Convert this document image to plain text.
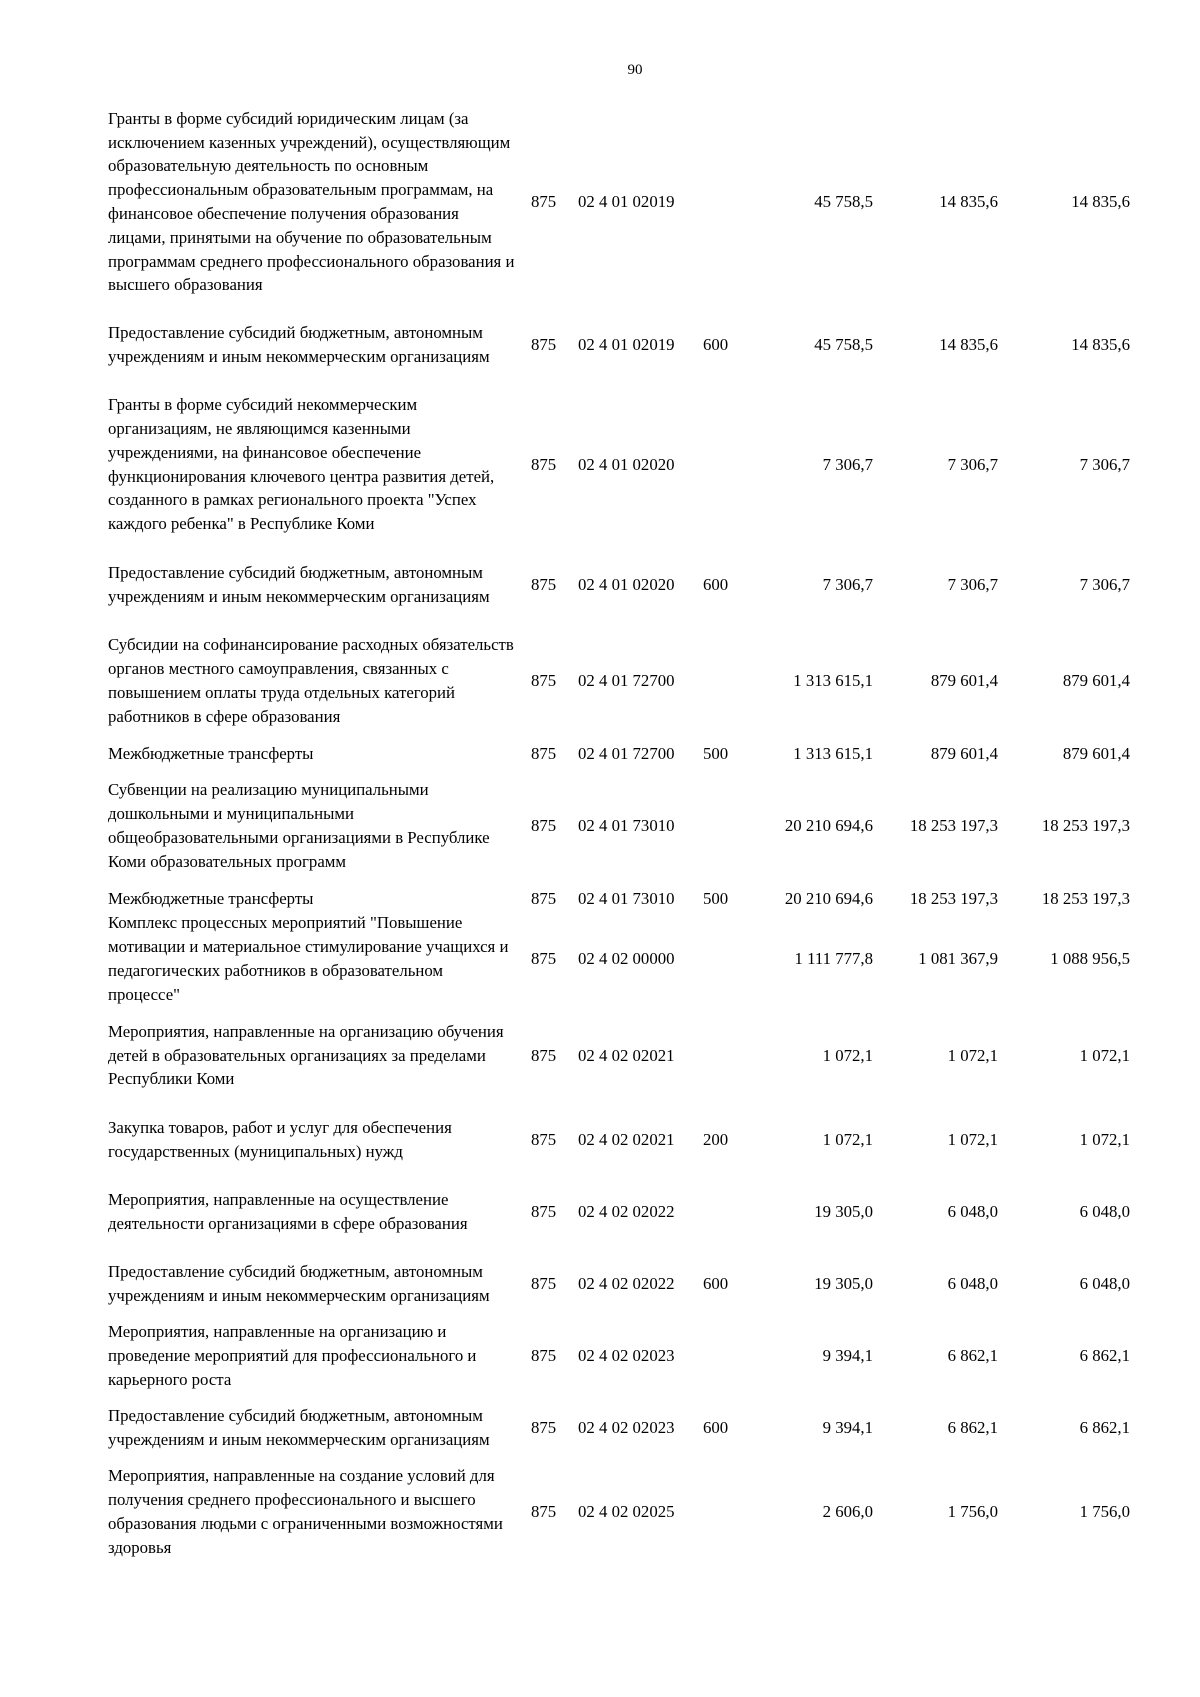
90
Гранты в форме субсидий юридическим лицам (за исключением казенных учреждений), осуществляющим образовательную деятельность по основным профессиональным образовательным программам, на финансовое обеспечение получения образования лицами, принятыми на обучение по образовательным программам среднего профессионального образования и высшего образования	875	02 4 01 02019		45 758,5	14 835,6	14 835,6
Предоставление субсидий бюджетным, автономным учреждениям и иным некоммерческим организациям	875	02 4 01 02019	600	45 758,5	14 835,6	14 835,6
Гранты в форме субсидий некоммерческим организациям, не являющимся казенными учреждениями, на финансовое обеспечение функционирования ключевого центра развития детей, созданного в рамках регионального проекта "Успех каждого ребенка" в Республике Коми	875	02 4 01 02020		7 306,7	7 306,7	7 306,7
Предоставление субсидий бюджетным, автономным учреждениям и иным некоммерческим организациям	875	02 4 01 02020	600	7 306,7	7 306,7	7 306,7
Субсидии на софинансирование расходных обязательств органов местного самоуправления, связанных с повышением оплаты труда отдельных категорий работников в сфере образования	875	02 4 01 72700		1 313 615,1	879 601,4	879 601,4
Межбюджетные трансферты	875	02 4 01 72700	500	1 313 615,1	879 601,4	879 601,4
Субвенции на реализацию муниципальными дошкольными и муниципальными общеобразовательными организациями в Республике Коми образовательных программ	875	02 4 01 73010		20 210 694,6	18 253 197,3	18 253 197,3
Межбюджетные трансферты	875	02 4 01 73010	500	20 210 694,6	18 253 197,3	18 253 197,3
Комплекс процессных мероприятий "Повышение мотивации и материальное стимулирование учащихся и педагогических работников в образовательном процессе"	875	02 4 02 00000		1 111 777,8	1 081 367,9	1 088 956,5
Мероприятия, направленные на организацию обучения детей в образовательных организациях за пределами Республики Коми	875	02 4 02 02021		1 072,1	1 072,1	1 072,1
Закупка товаров, работ и услуг для обеспечения государственных (муниципальных) нужд	875	02 4 02 02021	200	1 072,1	1 072,1	1 072,1
Мероприятия, направленные на осуществление деятельности организациями в сфере образования	875	02 4 02 02022		19 305,0	6 048,0	6 048,0
Предоставление субсидий бюджетным, автономным учреждениям и иным некоммерческим организациям	875	02 4 02 02022	600	19 305,0	6 048,0	6 048,0
Мероприятия, направленные на организацию и проведение мероприятий для профессионального и карьерного роста	875	02 4 02 02023		9 394,1	6 862,1	6 862,1
Предоставление субсидий бюджетным, автономным учреждениям и иным некоммерческим организациям	875	02 4 02 02023	600	9 394,1	6 862,1	6 862,1
Мероприятия, направленные на создание условий для получения среднего профессионального и высшего образования людьми с ограниченными возможностями здоровья	875	02 4 02 02025		2 606,0	1 756,0	1 756,0
